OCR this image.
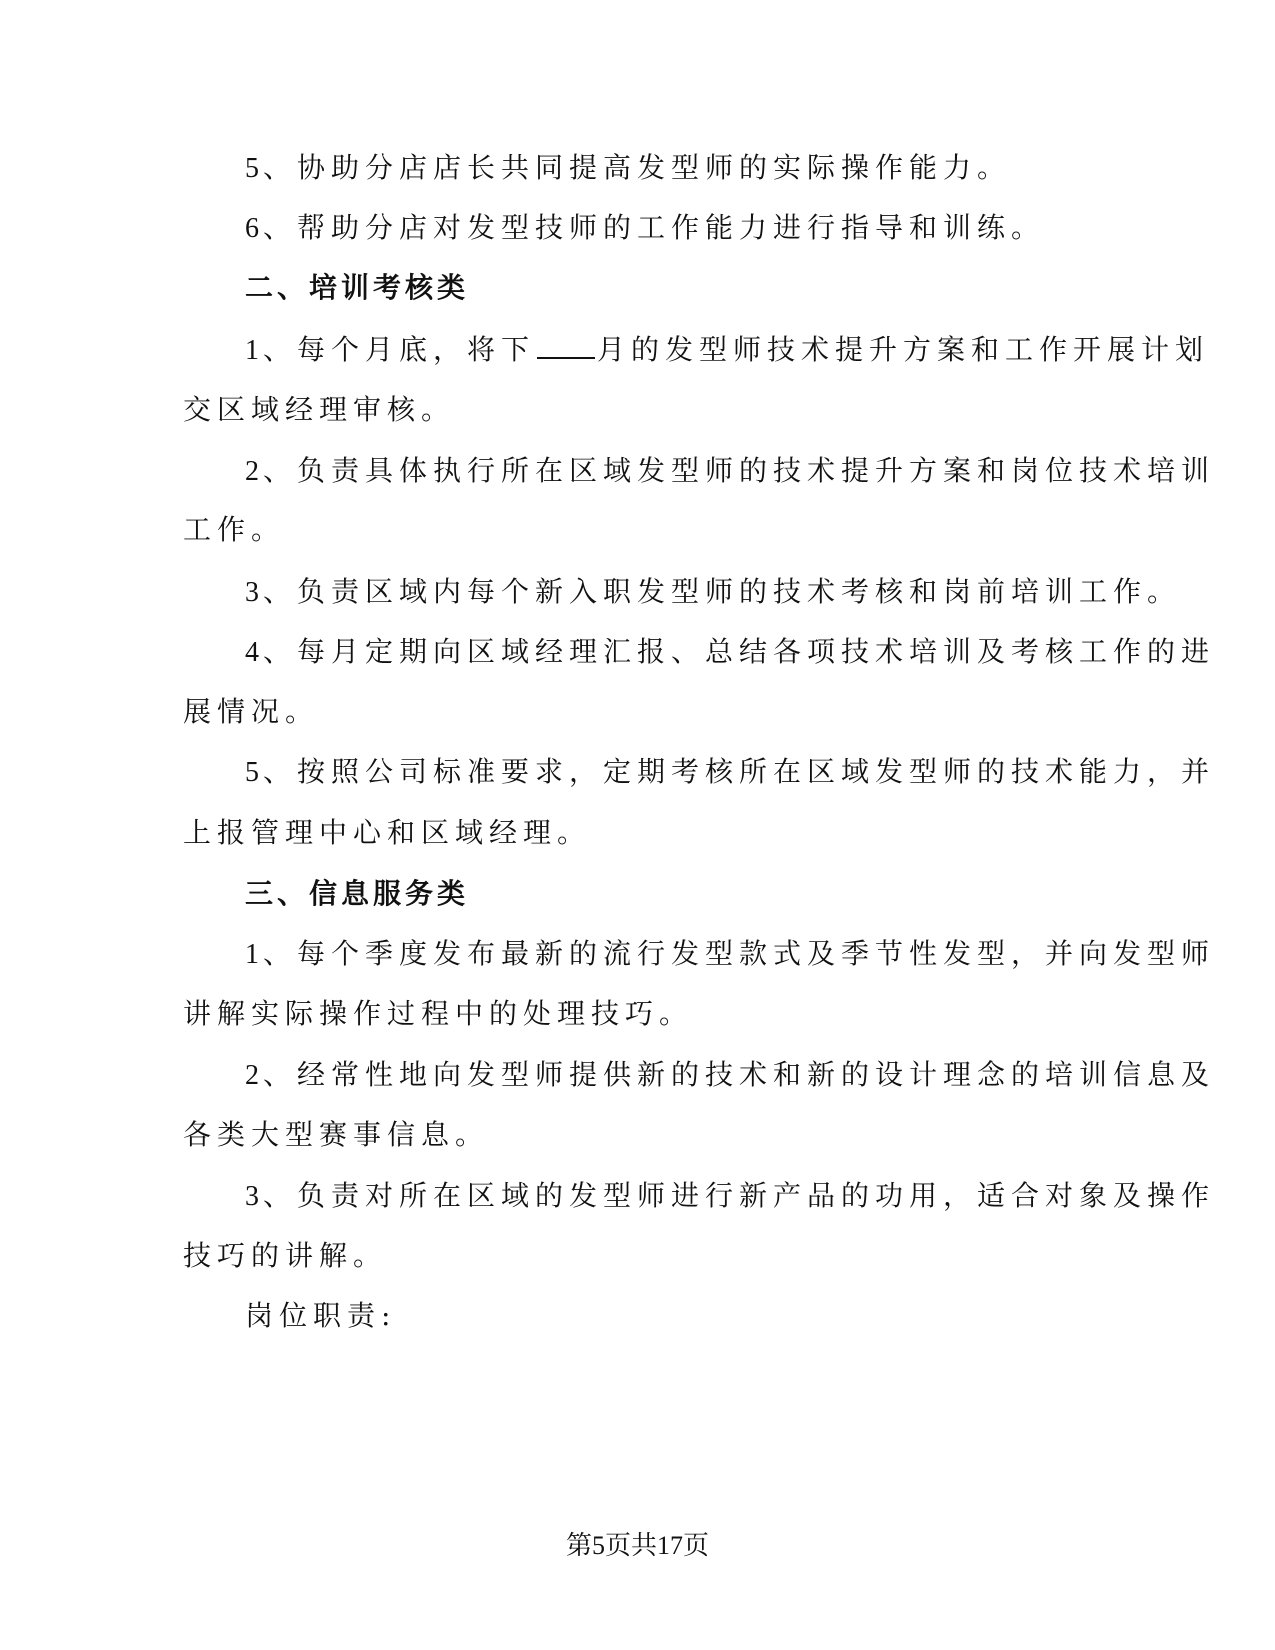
5 、协助分店店长共同提高发型师的实际操作能力。
6 、帮助分店对发型技师的工作能力进行指导和训练。
二、培训考核类
1 、每个月底，将下 月的发型师技术提升方案和工作开展计划
交区域经理审核。
2 、负责具体执行所在区域发型师的技术提升方案和岗位技术培训
工作。
3 、负责区域内每个新入职发型师的技术考核和岗前培训工作。
4 、每月定期向区域经理汇报、总结各项技术培训及考核工作的进
展情况。
5 、按照公司标准要求，定期考核所在区域发型师的技术能力，并
上报管理中心和区域经理。
三、信息服务类
1 、每个季度发布最新的流行发型款式及季节性发型，并向发型师
讲解实际操作过程中的处理技巧。
2 、经常性地向发型师提供新的技术和新的设计理念的培训信息及
各类大型赛事信息。
3 、负责对所在区域的发型师进行新产品的功用，适合对象及操作
技巧的讲解。
岗位职责:
第5页共17页
